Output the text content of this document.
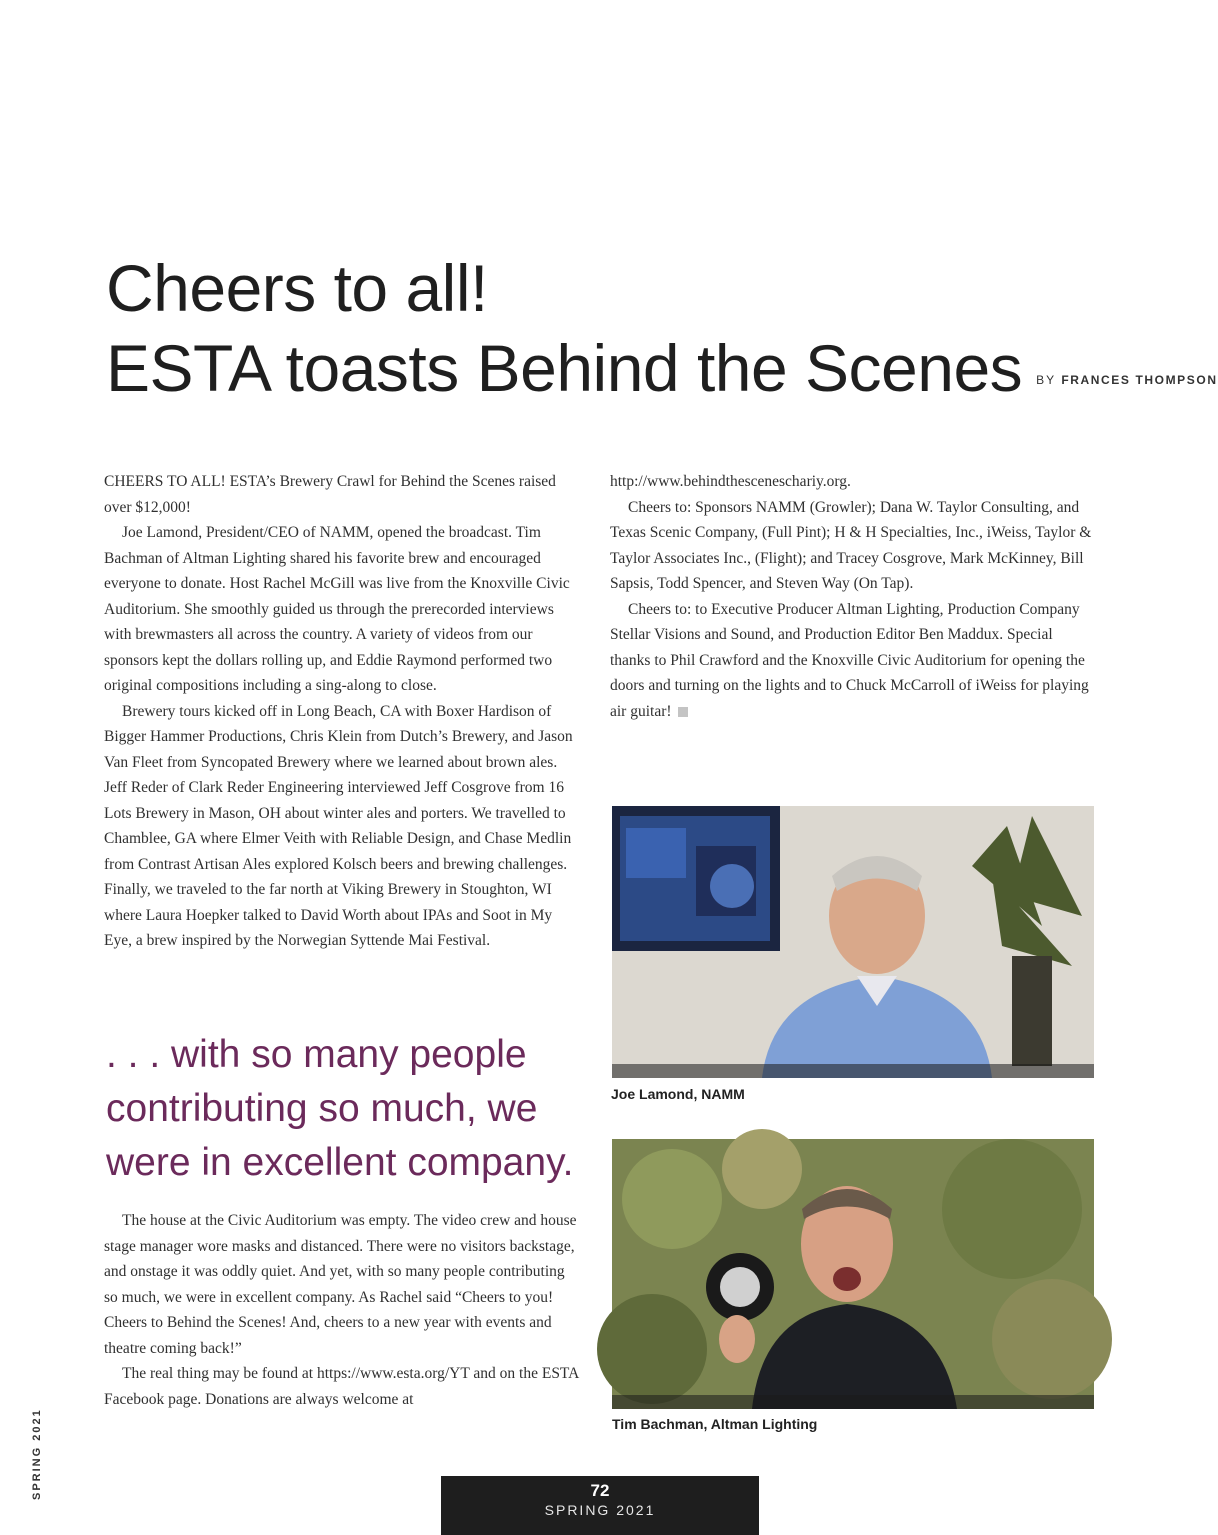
Cheers to all!
ESTA toasts Behind the Scenes BY FRANCES THOMPSON

CHEERS TO ALL! ESTA’s Brewery Crawl for Behind the Scenes raised over $12,000!

Joe Lamond, President/CEO of NAMM, opened the broadcast. Tim Bachman of Altman Lighting shared his favorite brew and encouraged everyone to donate. Host Rachel McGill was live from the Knoxville Civic Auditorium. She smoothly guided us through the prerecorded interviews with brewmasters all across the country. A variety of videos from our sponsors kept the dollars rolling up, and Eddie Raymond performed two original compositions including a sing-along to close.

Brewery tours kicked off in Long Beach, CA with Boxer Hardison of Bigger Hammer Productions, Chris Klein from Dutch’s Brewery, and Jason Van Fleet from Syncopated Brewery where we learned about brown ales. Jeff Reder of Clark Reder Engineering interviewed Jeff Cosgrove from 16 Lots Brewery in Mason, OH about winter ales and porters. We travelled to Chamblee, GA where Elmer Veith with Reliable Design, and Chase Medlin from Contrast Artisan Ales explored Kolsch beers and brewing challenges. Finally, we traveled to the far north at Viking Brewery in Stoughton, WI where Laura Hoepker talked to David Worth about IPAs and Soot in My Eye, a brew inspired by the Norwegian Syttende Mai Festival.

. . . with so many people contributing so much, we were in excellent company.

The house at the Civic Auditorium was empty. The video crew and house stage manager wore masks and distanced. There were no visitors backstage, and onstage it was oddly quiet. And yet, with so many people contributing so much, we were in excellent company. As Rachel said “Cheers to you! Cheers to Behind the Scenes! And, cheers to a new year with events and theatre coming back!”

The real thing may be found at https://www.esta.org/YT and on the ESTA Facebook page. Donations are always welcome at

http://www.behindthesceneschariy.org.

Cheers to: Sponsors NAMM (Growler); Dana W. Taylor Consulting, and Texas Scenic Company, (Full Pint); H & H Specialties, Inc., iWeiss, Taylor & Taylor Associates Inc., (Flight); and Tracey Cosgrove, Mark McKinney, Bill Sapsis, Todd Spencer, and Steven Way (On Tap).

Cheers to: to Executive Producer Altman Lighting, Production Company Stellar Visions and Sound, and Production Editor Ben Maddux. Special thanks to Phil Crawford and the Knoxville Civic Auditorium for opening the doors and turning on the lights and to Chuck McCarroll of iWeiss for playing air guitar!

Joe Lamond, NAMM
Tim Bachman, Altman Lighting
SPRING 2021	72
SPRING 2021
